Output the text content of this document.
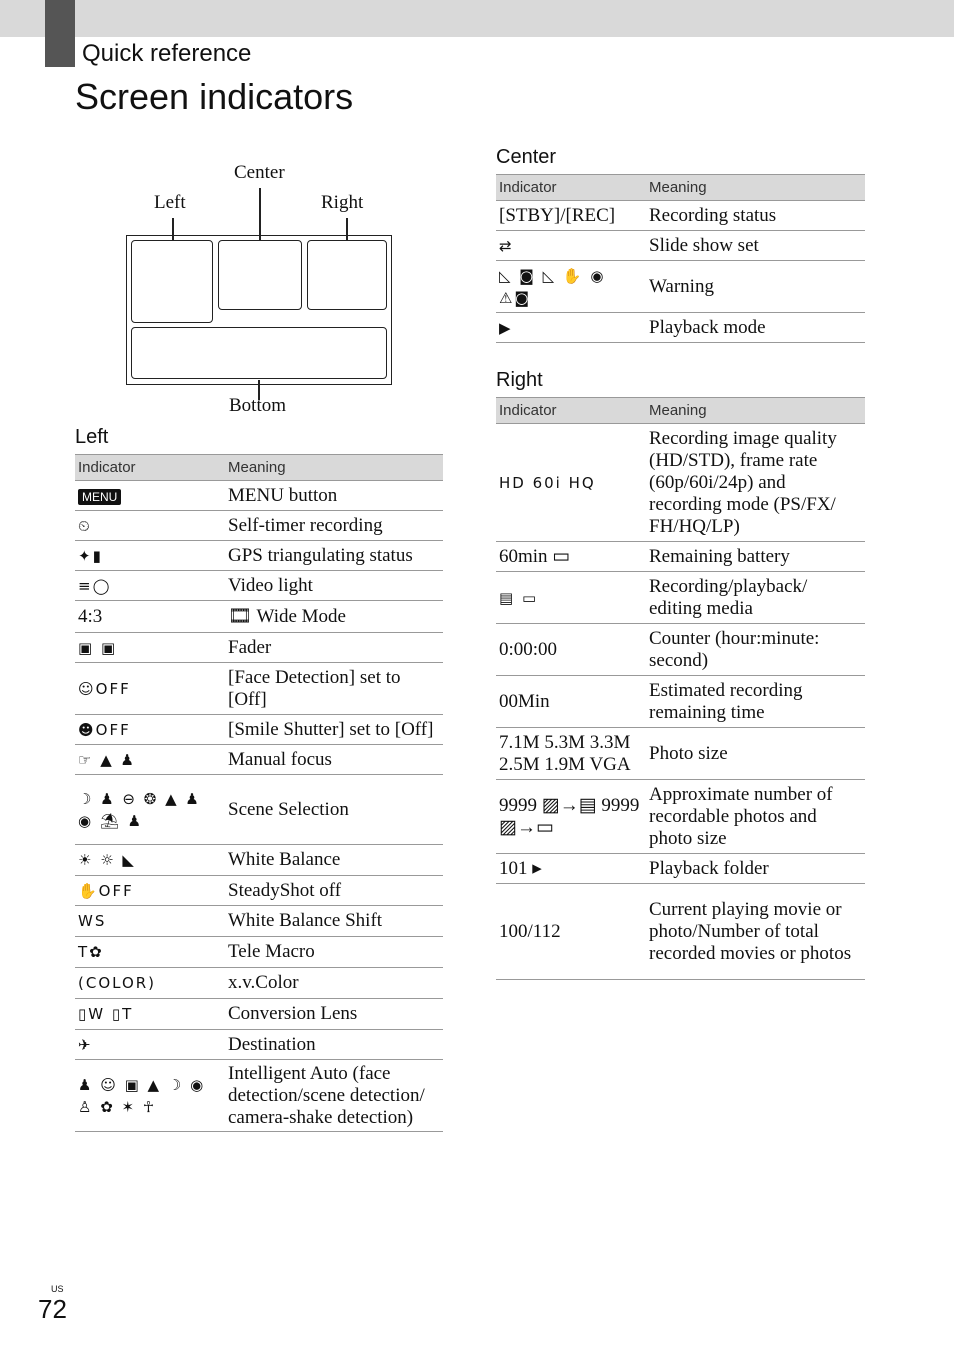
Quick reference
Screen indicators
Center
Left	Right
Bottom
Left
Indicator	Meaning
MENU	MENU button
⏲	Self-timer recording
✦▮	GPS triangulating status
≡◯	Video light
4:3	🎞 Wide Mode
▣ ▣	Fader
☺OFF	[Face Detection] set to [Off]
☻OFF	[Smile Shutter] set to [Off]
☞ ▲ ♟	Manual focus
☽ ♟ ⊖ ❂ ▲ ♟ ◉ ⛱ ♟	Scene Selection
☀ ☼ ◣	White Balance
✋OFF	SteadyShot off
WS	White Balance Shift
T✿	Tele Macro
(COLOR)	x.v.Color
▯W ▯T	Conversion Lens
✈	Destination
♟ ☺ ▣ ▲ ☽ ◉ ♙ ✿ ✶ ☥	Intelligent Auto (face detection/scene detection/ camera-shake detection)
Center
Indicator	Meaning
[STBY]/[REC]	Recording status
⇄	Slide show set
◺ ◙ ◺ ✋ ◉ ⚠◙	Warning
▶	Playback mode
Right
Indicator	Meaning
HD 60i HQ	Recording image quality (HD/STD), frame rate (60p/60i/24p) and recording mode (PS/FX/ FH/HQ/LP)
60min ▭	Remaining battery
▤ ▭	Recording/playback/ editing media
0:00:00	Counter (hour:minute: second)
00Min	Estimated recording remaining time
7.1M 5.3M 3.3M 2.5M 1.9M VGA	Photo size
9999 ▨→▤ 9999 ▨→▭	Approximate number of recordable photos and photo size
101 ▸	Playback folder
100/112	Current playing movie or photo/Number of total recorded movies or photos
US
72
